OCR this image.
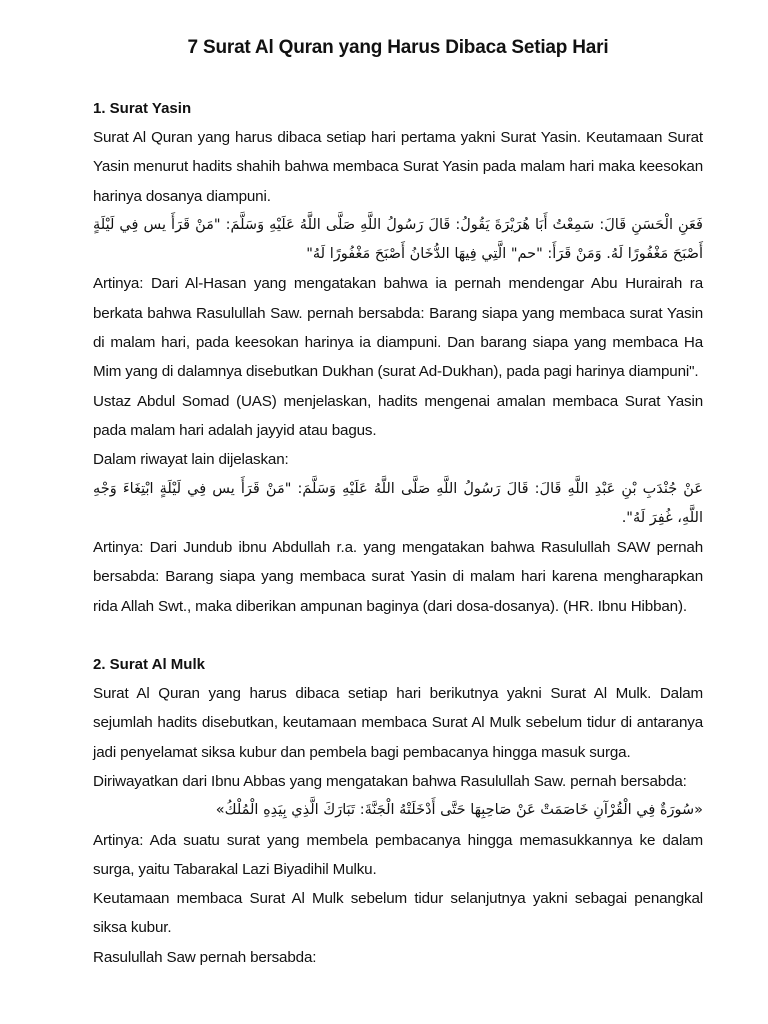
7 Surat Al Quran yang Harus Dibaca Setiap Hari
1. Surat Yasin

Surat Al Quran yang harus dibaca setiap hari pertama yakni Surat Yasin. Keutamaan Surat Yasin menurut hadits shahih bahwa membaca Surat Yasin pada malam hari maka keesokan harinya dosanya diampuni.

فَعَنِ الْحَسَنِ قَالَ: سَمِعْتُ أَبَا هُرَيْرَةَ يَقُولُ: قَالَ رَسُولُ اللَّهِ صَلَّى اللَّهُ عَلَيْهِ وَسَلَّمَ: "مَنْ قَرَأَ يس فِي لَيْلَةٍ أَصْبَحَ مَغْفُورًا لَهُ. وَمَنْ قَرَأَ: "حم" الَّتِي فِيهَا الدُّخَانُ أَصْبَحَ مَغْفُورًا لَهُ"

Artinya: Dari Al-Hasan yang mengatakan bahwa ia pernah mendengar Abu Hurairah ra berkata bahwa Rasulullah Saw. pernah bersabda: Barang siapa yang membaca surat Yasin di malam hari, pada keesokan harinya ia diampuni. Dan barang siapa yang membaca Ha Mim yang di dalamnya disebutkan Dukhan (surat Ad-Dukhan), pada pagi harinya diampuni".

Ustaz Abdul Somad (UAS) menjelaskan, hadits mengenai amalan membaca Surat Yasin pada malam hari adalah jayyid atau bagus.

Dalam riwayat lain dijelaskan:

عَنْ جُنْدَبِ بْنِ عَبْدِ اللَّهِ قَالَ: قَالَ رَسُولُ اللَّهِ صَلَّى اللَّهُ عَلَيْهِ وَسَلَّمَ: "مَنْ قَرَأَ يس فِي لَيْلَةٍ ابْتِغَاءَ وَجْهِ اللَّهِ، غُفِرَ لَهُ".

Artinya: Dari Jundub ibnu Abdullah r.a. yang mengatakan bahwa Rasulullah SAW pernah bersabda: Barang siapa yang membaca surat Yasin di malam hari karena mengharapkan rida Allah Swt., maka diberikan ampunan baginya (dari dosa-dosanya). (HR. Ibnu Hibban).

2. Surat Al Mulk

Surat Al Quran yang harus dibaca setiap hari berikutnya yakni Surat Al Mulk. Dalam sejumlah hadits disebutkan, keutamaan membaca Surat Al Mulk sebelum tidur di antaranya jadi penyelamat siksa kubur dan pembela bagi pembacanya hingga masuk surga.

Diriwayatkan dari Ibnu Abbas yang mengatakan bahwa Rasulullah Saw. pernah bersabda:

«سُورَةٌ فِي الْقُرْآنِ خَاصَمَتْ عَنْ صَاحِبِهَا حَتَّى أَدْخَلَتْهُ الْجَنَّةَ: تَبَارَكَ الَّذِي بِيَدِهِ الْمُلْكُ»

Artinya: Ada suatu surat yang membela pembacanya hingga memasukkannya ke dalam surga, yaitu Tabarakal Lazi Biyadihil Mulku.

Keutamaan membaca Surat Al Mulk sebelum tidur selanjutnya yakni sebagai penangkal siksa kubur.

Rasulullah Saw pernah bersabda:
